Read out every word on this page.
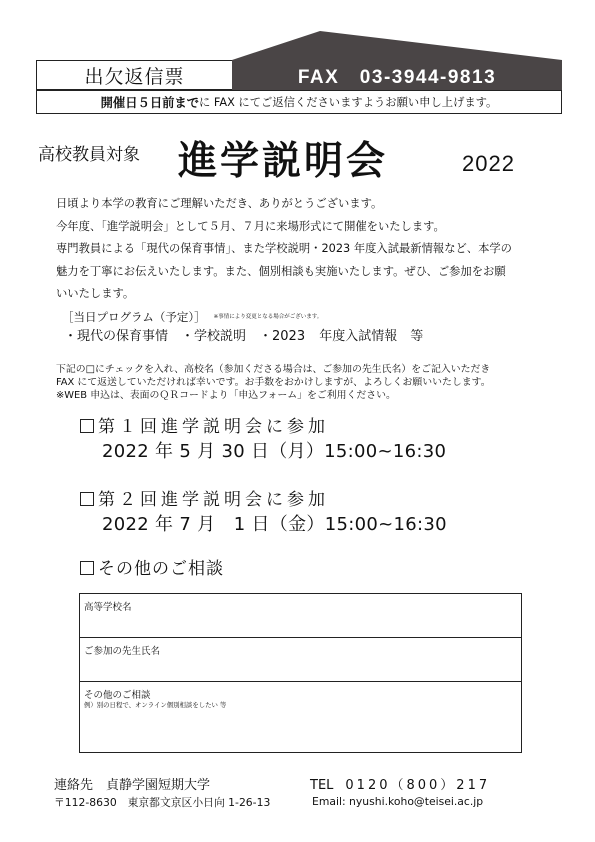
出欠返信票	FAX　03-3944-9813
開催日５日前まで に FAX にてご返信くださいますようお願い申し上げます。
高校教員対象 進学説明会	2022

日頃より本学の教育にご理解いただき、ありがとうございます。

今年度、「進学説明会」として５月、７月に来場形式にて開催をいたします。

専門教員による「現代の保育事情」、また学校説明・2023 年度入試最新情報など、本学の

魅力を丁寧にお伝えいたします。また、個別相談も実施いたします。ぜひ、ご参加をお願

いいたします。

［当日プログラム（予定）］ $^{※事情により変更となる場合がございます。}$
・現代の保育事情　・学校説明　・2023 年度入試情報　等
下記の□にチェックを入れ、高校名（参加くださる場合は、ご参加の先生氏名）をご記入いただき
FAX にて返送していただければ幸いです。お手数をおかけしますが、よろしくお願いいたします。
※WEB 申込は、表面のＱＲコードより「申込フォーム」をご利用ください。
第１回進学説明会に参加
2022 年 5 月 30 日（月）15:00~16:30
第２回進学説明会に参加
2022 年 7 月　1 日（金）15:00~16:30
その他のご相談
高等学校名
ご参加の先生氏名
その他のご相談
例）別の日程で、オンライン個別相談をしたい 等
連絡先　貞静学園短期大学	TEL 0120（800）217
〒112-8630　東京都文京区小日向 1-26-13	Email: nyushi.koho@teisei.ac.jp
